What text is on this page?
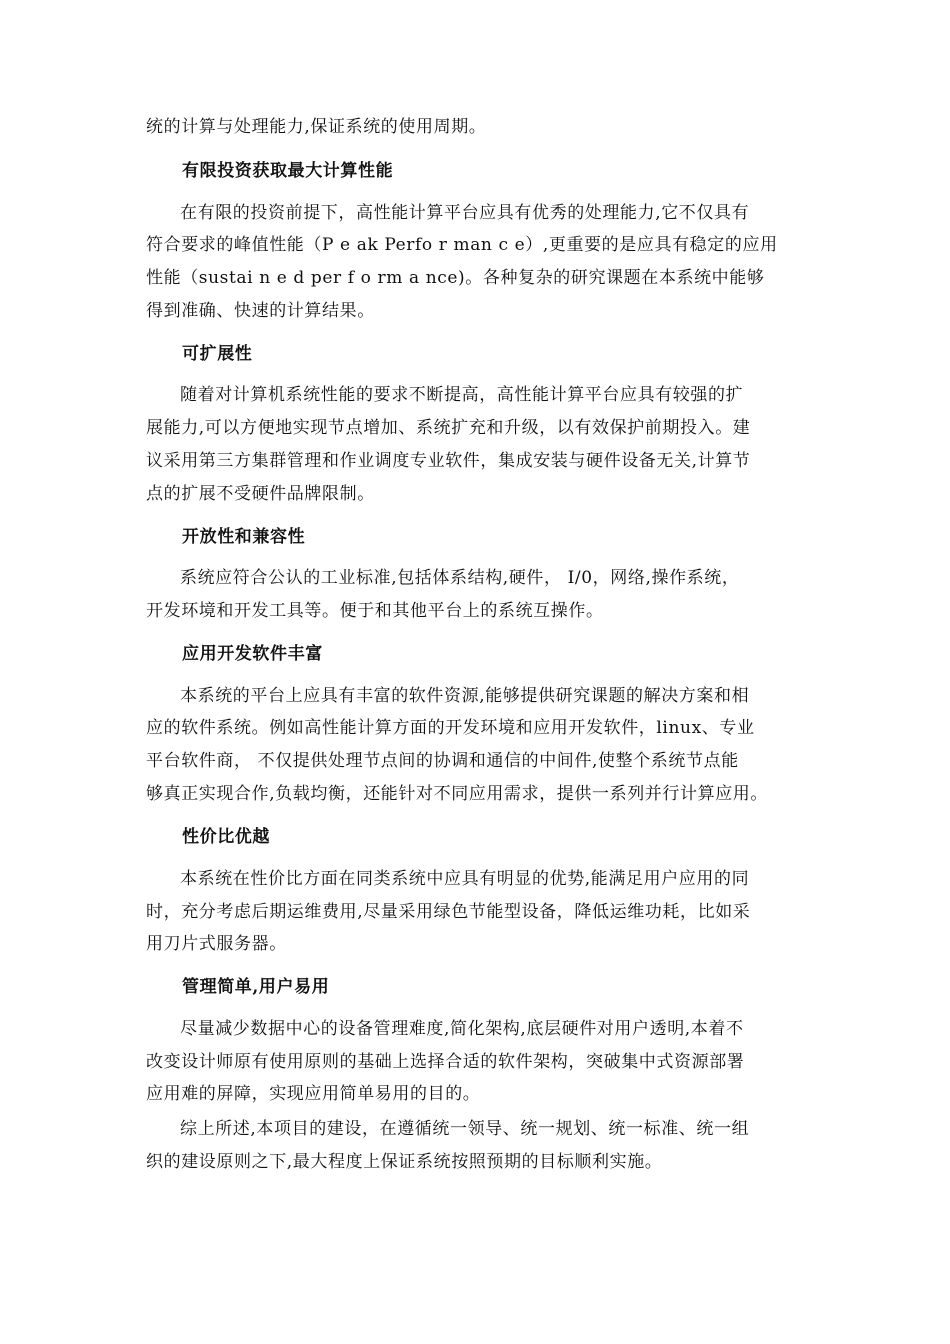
统的计算与处理能力,保证系统的使用周期。
有限投资获取最大计算性能
在有限的投资前提下，高性能计算平台应具有优秀的处理能力,它不仅具有
符合要求的峰值性能（P e ak Perfo r man c e）,更重要的是应具有稳定的应用
性能（sustai n e d per f o rm a nce)。各种复杂的研究课题在本系统中能够
得到准确、快速的计算结果。
可扩展性
随着对计算机系统性能的要求不断提高，高性能计算平台应具有较强的扩
展能力,可以方便地实现节点增加、系统扩充和升级，以有效保护前期投入。建
议采用第三方集群管理和作业调度专业软件，集成安装与硬件设备无关,计算节
点的扩展不受硬件品牌限制。
开放性和兼容性
系统应符合公认的工业标准,包括体系结构,硬件， I/0，网络,操作系统，
开发环境和开发工具等。便于和其他平台上的系统互操作。
应用开发软件丰富
本系统的平台上应具有丰富的软件资源,能够提供研究课题的解决方案和相
应的软件系统。例如高性能计算方面的开发环境和应用开发软件，linux、专业
平台软件商， 不仅提供处理节点间的协调和通信的中间件,使整个系统节点能
够真正实现合作,负载均衡，还能针对不同应用需求，提供一系列并行计算应用。
性价比优越
本系统在性价比方面在同类系统中应具有明显的优势,能满足用户应用的同
时，充分考虑后期运维费用,尽量采用绿色节能型设备，降低运维功耗，比如采
用刀片式服务器。
管理简单,用户易用
尽量减少数据中心的设备管理难度,简化架构,底层硬件对用户透明,本着不
改变设计师原有使用原则的基础上选择合适的软件架构，突破集中式资源部署
应用难的屏障，实现应用简单易用的目的。
综上所述,本项目的建设，在遵循统一领导、统一规划、统一标准、统一组
织的建设原则之下,最大程度上保证系统按照预期的目标顺利实施。
